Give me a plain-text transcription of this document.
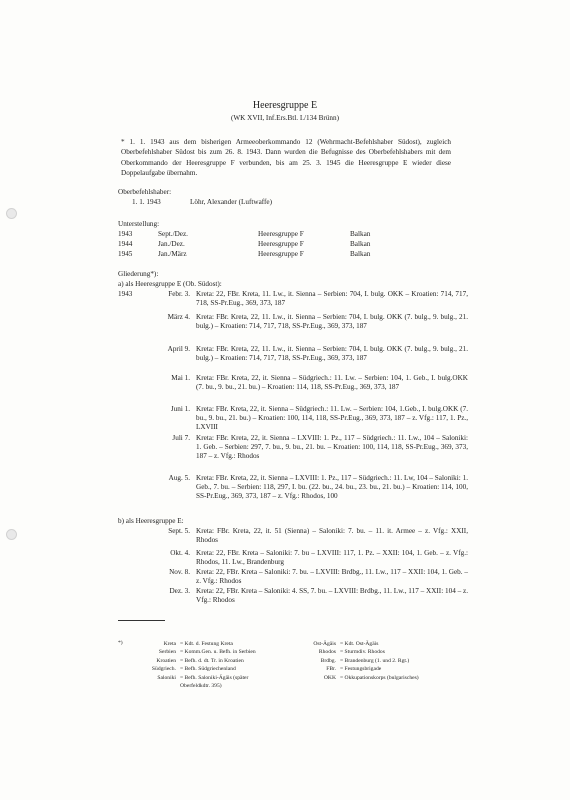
Heeresgruppe E
(WK XVII, Inf.Ers.Btl. I./134 Brünn)
* 1. 1. 1943 aus dem bisherigen Armeeoberkommando 12 (Wehrmacht-Befehlshaber Südost), zugleich Oberbefehlshaber Südost bis zum 26. 8. 1943. Dann wurden die Befugnisse des Oberbefehlshabers mit dem Oberkommando der Heeresgruppe F verbunden, bis am 25. 3. 1945 die Heeresgruppe E wieder diese Doppelaufgabe übernahm.
Oberbefehlshaber:
1. 1. 1943	Löhr, Alexander (Luftwaffe)
Unterstellung:
1943	Sept./Dez.	Heeresgruppe F	Balkan
1944	Jan./Dez.	Heeresgruppe F	Balkan
1945	Jan./März	Heeresgruppe F	Balkan
Gliederung*):
a) als Heeresgruppe E (Ob. Südost):
1943	Febr. 3. Kreta: 22, FBr. Kreta, 11. Lw., it. Sienna – Serbien: 704, I. bulg. OKK – Kroatien: 714, 717, 718, SS-Pr.Eug., 369, 373, 187
März 4. Kreta: FBr. Kreta, 22, 11. Lw., it. Sienna – Serbien: 704, I. bulg. OKK (7. bulg., 9. bulg., 21. bulg.) – Kroatien: 714, 717, 718, SS-Pr.Eug., 369, 373, 187
April 9. Kreta: FBr. Kreta, 22, 11. Lw., it. Sienna – Serbien: 704, I. bulg. OKK (7. bulg., 9. bulg., 21. bulg.) – Kroatien: 714, 717, 718, SS-Pr.Eug., 369, 373, 187
Mai 1. Kreta: FBr. Kreta, 22, it. Sienna – Südgriech.: 11. Lw. – Serbien: 104, 1. Geb., I. bulg.OKK (7. bu., 9. bu., 21. bu.) – Kroatien: 114, 118, SS-Pr.Eug., 369, 373, 187
Juni 1. Kreta: FBr. Kreta, 22, it. Sienna – Südgriech.: 11. Lw. – Serbien: 104, 1.Geb., I. bulg.OKK (7. bu., 9. bu., 21. bu.) – Kroatien: 100, 114, 118, SS-Pr.Eug., 369, 373, 187 – z. Vfg.: 117, 1. Pz., LXVIII
Juli 7. Kreta: FBr. Kreta, 22, it. Sienna – LXVIII: 1. Pz., 117 – Südgriech.: 11. Lw., 104 – Saloniki: 1. Geb. – Serbien: 297, 7. bu., 9. bu., 21. bu. – Kroatien: 100, 114, 118, SS-Pr.Eug., 369, 373, 187 – z. Vfg.: Rhodos
Aug. 5. Kreta: FBr. Kreta, 22, it. Sienna – LXVIII: 1. Pz., 117 – Südgriech.: 11. Lw, 104 – Saloniki: 1. Geb., 7. bu. – Serbien: 118, 297, I. bu. (22. bu., 24. bu., 23. bu., 21. bu.) – Kroatien: 114, 100, SS-Pr.Eug., 369, 373, 187 – z. Vfg.: Rhodos, 100
b) als Heeresgruppe E:
Sept. 5. Kreta: FBr. Kreta, 22, it. 51 (Sienna) – Saloniki: 7. bu. – 11. it. Armee – z. Vfg.: XXII, Rhodos
Okt. 4. Kreta: 22, FBr. Kreta – Saloniki: 7. bu – LXVIII: 117, 1. Pz. – XXII: 104, 1. Geb. – z. Vfg.: Rhodos, 11. Lw., Brandenburg
Nov. 8. Kreta: 22, FBr. Kreta – Saloniki: 7. bu. – LXVIII: Brdbg., 11. Lw., 117 – XXII: 104, 1. Geb. – z. Vfg.: Rhodos
Dez. 3. Kreta: 22, FBr. Kreta – Saloniki: 4. SS, 7. bu. – LXVIII: Brdbg., 11. Lw., 117 – XXII: 104 – z. Vfg.: Rhodos
*)	Kreta = Kdt. d. Festung Kreta
Serbien = Komm.Gen. u. Befh. in Serbien
Kroatien = Befh. d. dt. Tr. in Kroatien
Südgriech. = Befh. Südgriechenland
Saloniki = Befh. Saloniki-Ägäis (später
Oberfeldkdtr. 395)
Ost-Ägäis = Kdt. Ost-Ägäis
Rhodos = Sturmdiv. Rhodos
Brdbg. = Brandenburg (1. und 2. Rgt.)
FBr. = Festungsbrigade
OKK = Okkupationskorps (bulgarisches)
